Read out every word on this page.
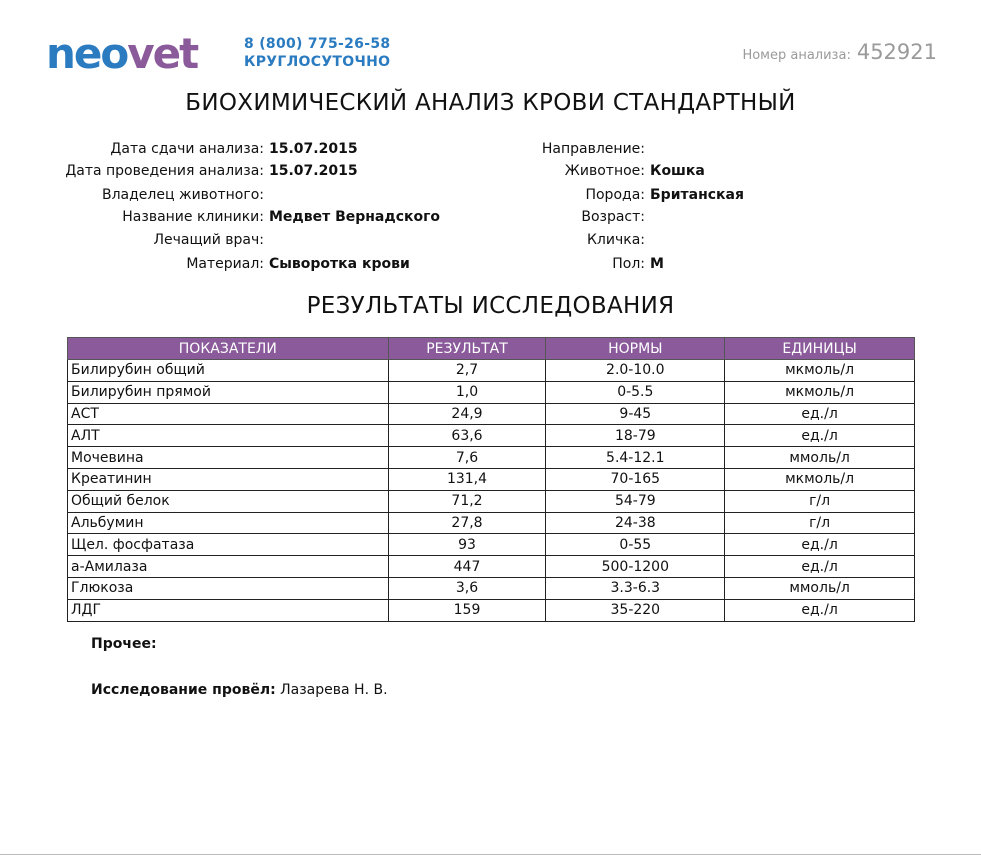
neovet	8 (800) 775-26-58
КРУГЛОСУТОЧНО	Номер анализа: 452921
БИОХИМИЧЕСКИЙ АНАЛИЗ КРОВИ СТАНДАРТНЫЙ
Дата сдачи анализа: 15.07.2015
Дата проведения анализа: 15.07.2015
Владелец животного:
Название клиники: Медвет Вернадского
Лечащий врач:
Материал: Сыворотка крови
Направление:
Животное: Кошка
Порода: Британская
Возраст:
Кличка:
Пол: М
РЕЗУЛЬТАТЫ ИССЛЕДОВАНИЯ
ПОКАЗАТЕЛИ	РЕЗУЛЬТАТ	НОРМЫ	ЕДИНИЦЫ
Билирубин общий	2,7	2.0-10.0	мкмоль/л
Билирубин прямой	1,0	0-5.5	мкмоль/л
АСТ	24,9	9-45	ед./л
АЛТ	63,6	18-79	ед./л
Мочевина	7,6	5.4-12.1	ммоль/л
Креатинин	131,4	70-165	мкмоль/л
Общий белок	71,2	54-79	г/л
Альбумин	27,8	24-38	г/л
Щел. фосфатаза	93	0-55	ед./л
а-Амилаза	447	500-1200	ед./л
Глюкоза	3,6	3.3-6.3	ммоль/л
ЛДГ	159	35-220	ед./л
Прочее:
Исследование провёл: Лазарева Н. В.
